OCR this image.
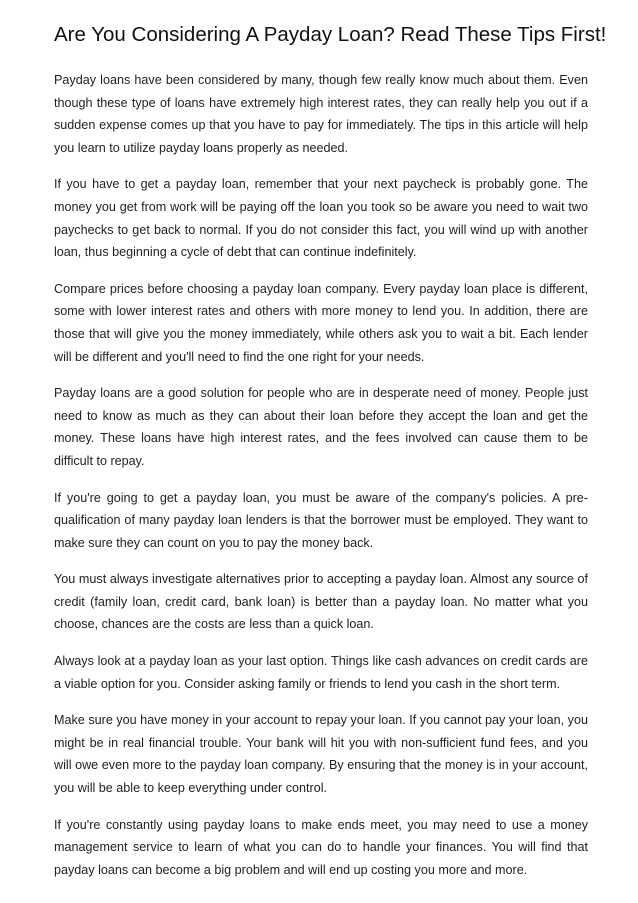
Are You Considering A Payday Loan? Read These Tips First!

Payday loans have been considered by many, though few really know much about them. Even though these type of loans have extremely high interest rates, they can really help you out if a sudden expense comes up that you have to pay for immediately. The tips in this article will help you learn to utilize payday loans properly as needed.

If you have to get a payday loan, remember that your next paycheck is probably gone. The money you get from work will be paying off the loan you took so be aware you need to wait two paychecks to get back to normal. If you do not consider this fact, you will wind up with another loan, thus beginning a cycle of debt that can continue indefinitely.

Compare prices before choosing a payday loan company. Every payday loan place is different, some with lower interest rates and others with more money to lend you. In addition, there are those that will give you the money immediately, while others ask you to wait a bit. Each lender will be different and you'll need to find the one right for your needs.

Payday loans are a good solution for people who are in desperate need of money. People just need to know as much as they can about their loan before they accept the loan and get the money. These loans have high interest rates, and the fees involved can cause them to be difficult to repay.

If you're going to get a payday loan, you must be aware of the company's policies. A pre-qualification of many payday loan lenders is that the borrower must be employed. They want to make sure they can count on you to pay the money back.

You must always investigate alternatives prior to accepting a payday loan. Almost any source of credit (family loan, credit card, bank loan) is better than a payday loan. No matter what you choose, chances are the costs are less than a quick loan.

Always look at a payday loan as your last option. Things like cash advances on credit cards are a viable option for you. Consider asking family or friends to lend you cash in the short term.

Make sure you have money in your account to repay your loan. If you cannot pay your loan, you might be in real financial trouble. Your bank will hit you with non-sufficient fund fees, and you will owe even more to the payday loan company. By ensuring that the money is in your account, you will be able to keep everything under control.

If you're constantly using payday loans to make ends meet, you may need to use a money management service to learn of what you can do to handle your finances. You will find that payday loans can become a big problem and will end up costing you more and more.
